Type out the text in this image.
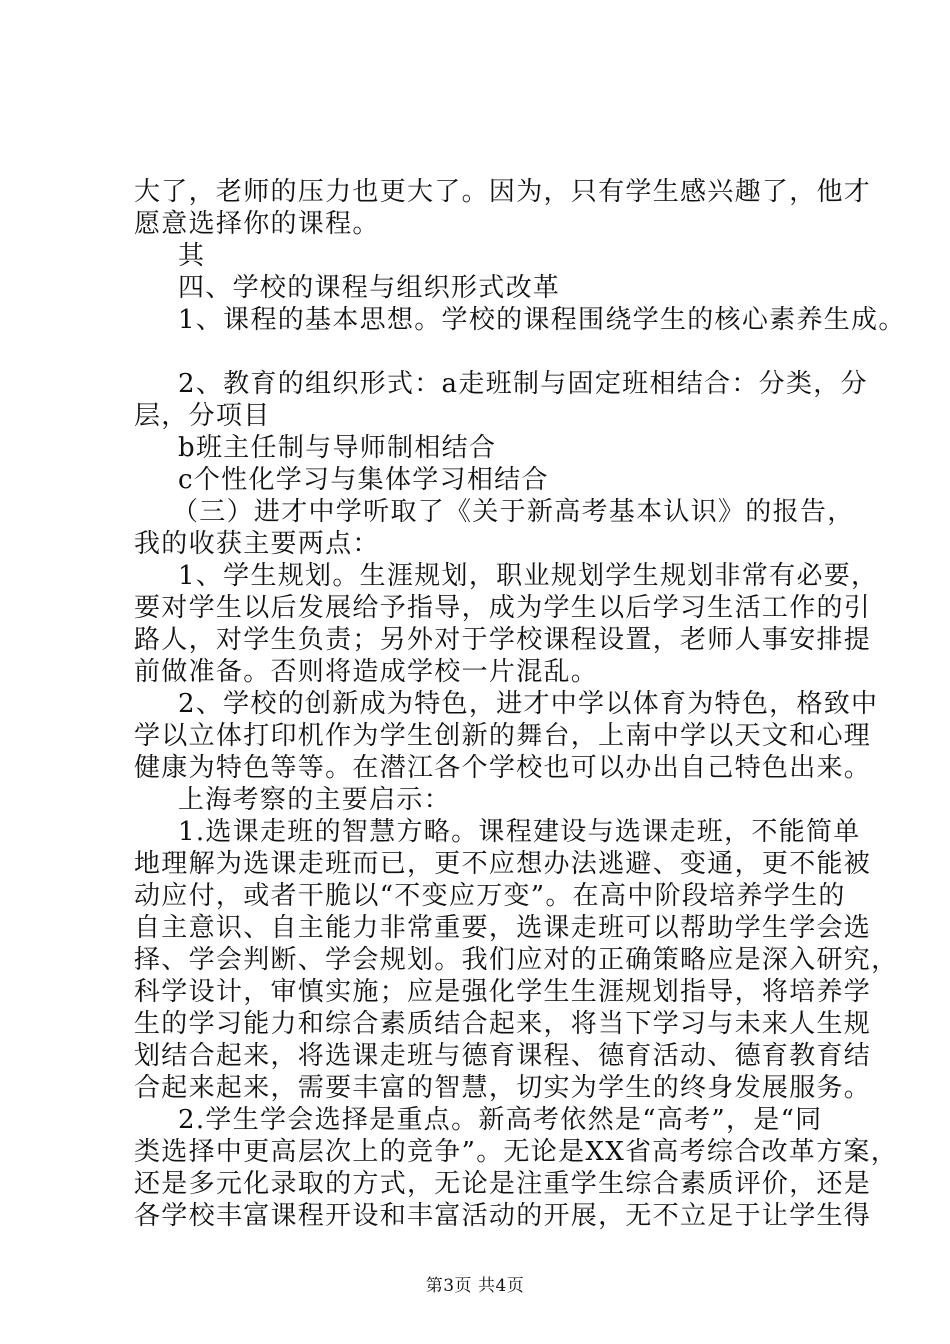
大了，老师的压力也更大了。因为，只有学生感兴趣了，他才
愿意选择你的课程。
其
四、学校的课程与组织形式改革
1、课程的基本思想。学校的课程围绕学生的核心素养生成。
2、教育的组织形式：a走班制与固定班相结合：分类，分
层，分项目
b班主任制与导师制相结合
c个性化学习与集体学习相结合
（三）进才中学听取了《关于新高考基本认识》的报告，
我的收获主要两点：
1、学生规划。生涯规划，职业规划学生规划非常有必要，
要对学生以后发展给予指导，成为学生以后学习生活工作的引
路人，对学生负责；另外对于学校课程设置，老师人事安排提
前做准备。否则将造成学校一片混乱。
2、学校的创新成为特色，进才中学以体育为特色，格致中
学以立体打印机作为学生创新的舞台，上南中学以天文和心理
健康为特色等等。在潜江各个学校也可以办出自己特色出来。
上海考察的主要启示：
1.选课走班的智慧方略。课程建设与选课走班，不能简单
地理解为选课走班而已，更不应想办法逃避、变通，更不能被
动应付，或者干脆以“不变应万变”。在高中阶段培养学生的
自主意识、自主能力非常重要，选课走班可以帮助学生学会选
择、学会判断、学会规划。我们应对的正确策略应是深入研究，
科学设计，审慎实施；应是强化学生生涯规划指导，将培养学
生的学习能力和综合素质结合起来，将当下学习与未来人生规
划结合起来，将选课走班与德育课程、德育活动、德育教育结
合起来起来，需要丰富的智慧，切实为学生的终身发展服务。
2.学生学会选择是重点。新高考依然是“高考”，是“同
类选择中更高层次上的竞争”。无论是XX省高考综合改革方案，
还是多元化录取的方式，无论是注重学生综合素质评价，还是
各学校丰富课程开设和丰富活动的开展，无不立足于让学生得
第3页 共4页
